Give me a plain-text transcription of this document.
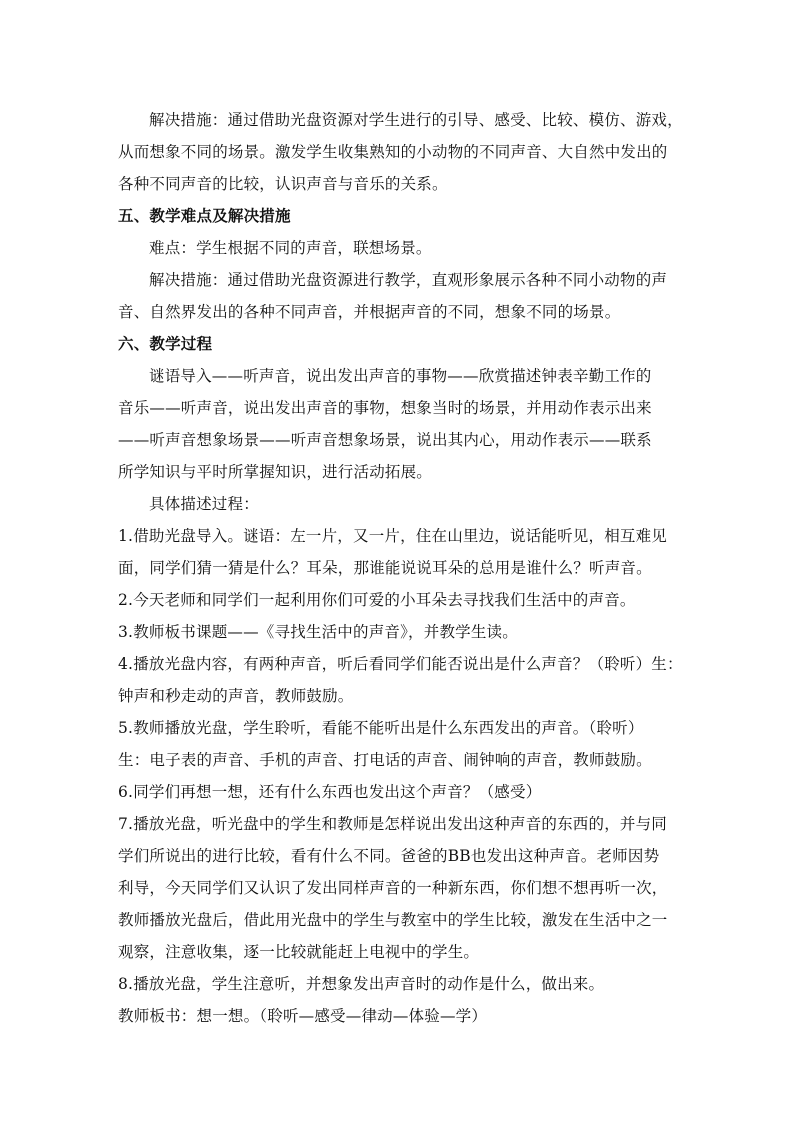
解决措施：通过借助光盘资源对学生进行的引导、感受、比较、模仿、游戏，
从而想象不同的场景。激发学生收集熟知的小动物的不同声音、大自然中发出的
各种不同声音的比较，认识声音与音乐的关系。
五、教学难点及解决措施
难点：学生根据不同的声音，联想场景。
解决措施：通过借助光盘资源进行教学，直观形象展示各种不同小动物的声
音、自然界发出的各种不同声音，并根据声音的不同，想象不同的场景。
六、教学过程
谜语导入——听声音，说出发出声音的事物——欣赏描述钟表辛勤工作的
音乐——听声音，说出发出声音的事物，想象当时的场景，并用动作表示出来
——听声音想象场景——听声音想象场景，说出其内心，用动作表示——联系
所学知识与平时所掌握知识，进行活动拓展。
具体描述过程：
1.借助光盘导入。谜语：左一片，又一片，住在山里边，说话能听见，相互难见
面，同学们猜一猜是什么？耳朵，那谁能说说耳朵的总用是谁什么？听声音。
2.今天老师和同学们一起利用你们可爱的小耳朵去寻找我们生活中的声音。
3.教师板书课题——《寻找生活中的声音》，并教学生读。
4.播放光盘内容，有两种声音，听后看同学们能否说出是什么声音？（聆听）生：
钟声和秒走动的声音，教师鼓励。
5.教师播放光盘，学生聆听，看能不能听出是什么东西发出的声音。（聆听）
生：电子表的声音、手机的声音、打电话的声音、闹钟响的声音，教师鼓励。
6.同学们再想一想，还有什么东西也发出这个声音？（感受）
7.播放光盘，听光盘中的学生和教师是怎样说出发出这种声音的东西的，并与同
学们所说出的进行比较，看有什么不同。爸爸的BB也发出这种声音。老师因势
利导，今天同学们又认识了发出同样声音的一种新东西，你们想不想再听一次，
教师播放光盘后，借此用光盘中的学生与教室中的学生比较，激发在生活中之一
观察，注意收集，逐一比较就能赶上电视中的学生。
8.播放光盘，学生注意听，并想象发出声音时的动作是什么，做出来。
教师板书：想一想。（聆听—感受—律动—体验—学）
